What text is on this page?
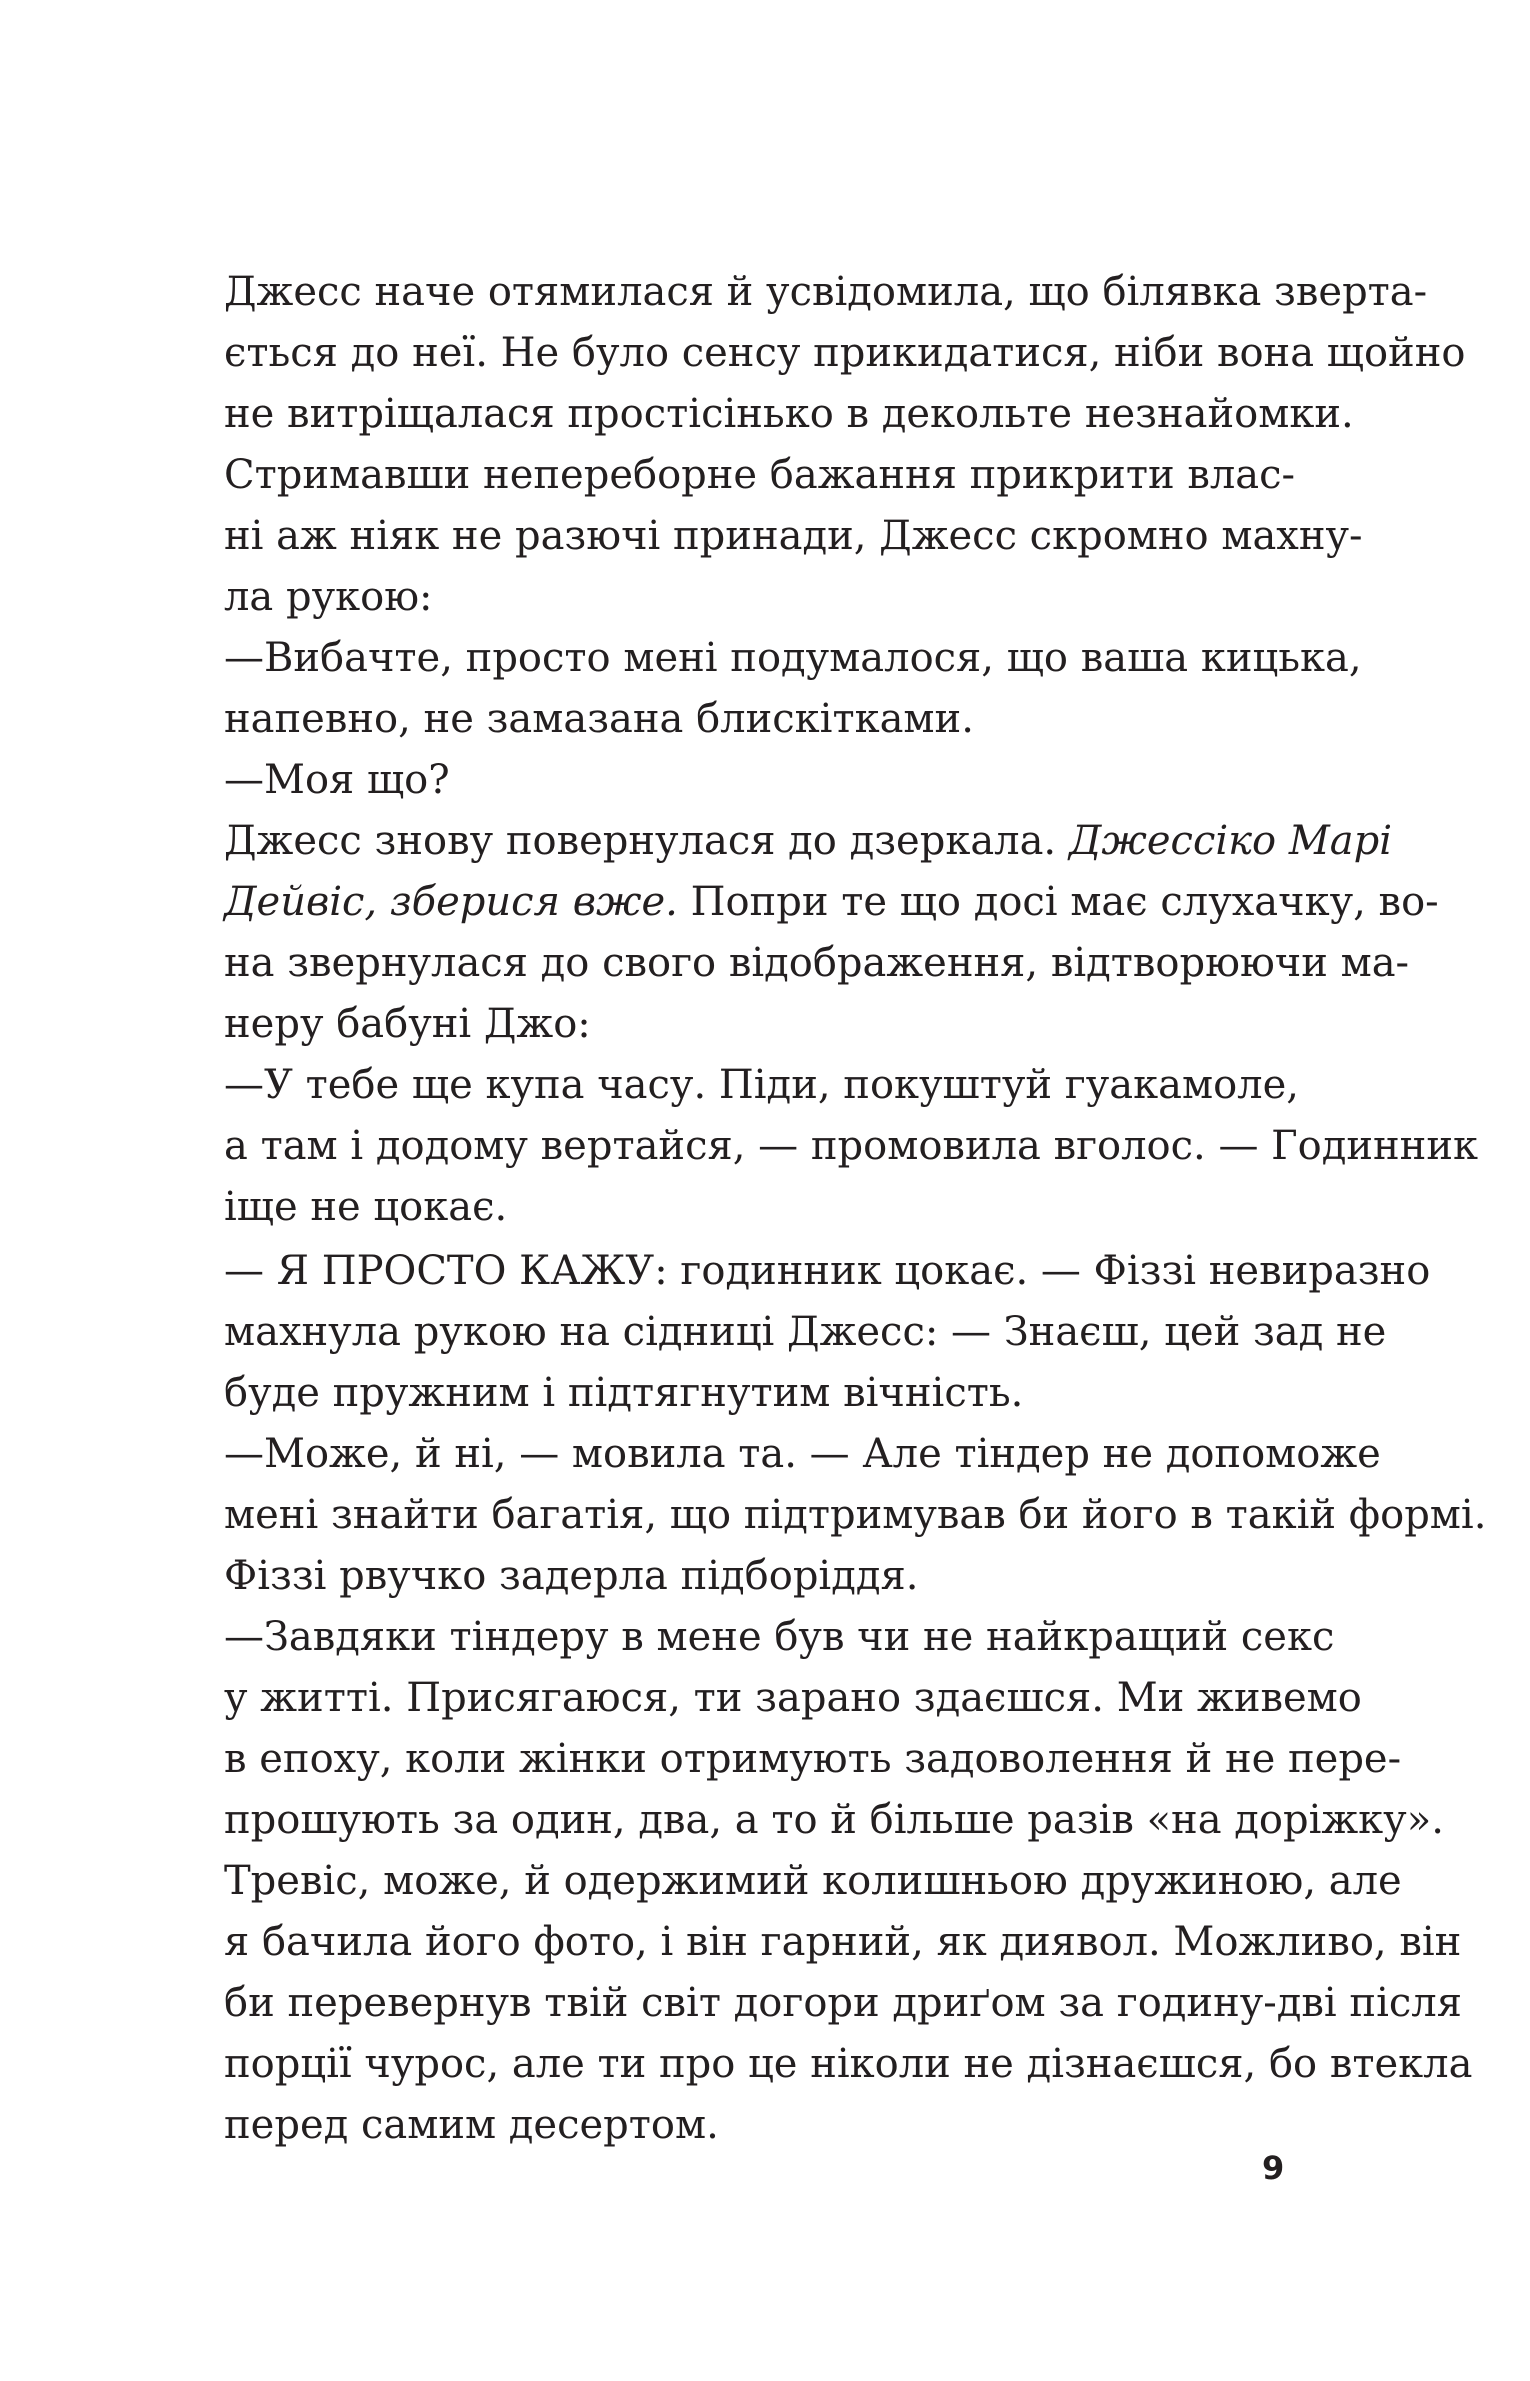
Джесс наче отямилася й усвідомила, що білявка зверта-
ється до неї. Не було сенсу прикидатися, ніби вона щойно
не витріщалася простісінько в декольте незнайомки.
Стримавши непереборне бажання прикрити влас-
ні аж ніяк не разючі принади, Джесс скромно махну-
ла рукою:
—Вибачте, просто мені подумалося, що ваша кицька,
напевно, не замазана блискітками.
—Моя що?
Джесс знову повернулася до дзеркала. Джессіко Марі
Дейвіс, зберися вже. Попри те що досі має слухачку, во-
на звернулася до свого відображення, відтворюючи ма-
неру бабуні Джо:
—У тебе ще купа часу. Піди, покуштуй гуакамоле,
а там і додому вертайся, — промовила вголос. — Годинник
іще не цокає.
— Я ПРОСТО КАЖУ: годинник цокає. — Фіззі невиразно
махнула рукою на сідниці Джесс: — Знаєш, цей зад не
буде пружним і підтягнутим вічність.
—Може, й ні, — мовила та. — Але тіндер не допоможе
мені знайти багатія, що підтримував би його в такій формі.
Фіззі рвучко задерла підборіддя.
—Завдяки тіндеру в мене був чи не найкращий секс
у житті. Присягаюся, ти зарано здаєшся. Ми живемо
в епоху, коли жінки отримують задоволення й не пере-
прошують за один, два, а то й більше разів «на доріжку».
Тревіс, може, й одержимий колишньою дружиною, але
я бачила його фото, і він гарний, як диявол. Можливо, він
би перевернув твій світ догори дриґом за годину-дві після
порції чурос, але ти про це ніколи не дізнаєшся, бо втекла
перед самим десертом.
9
